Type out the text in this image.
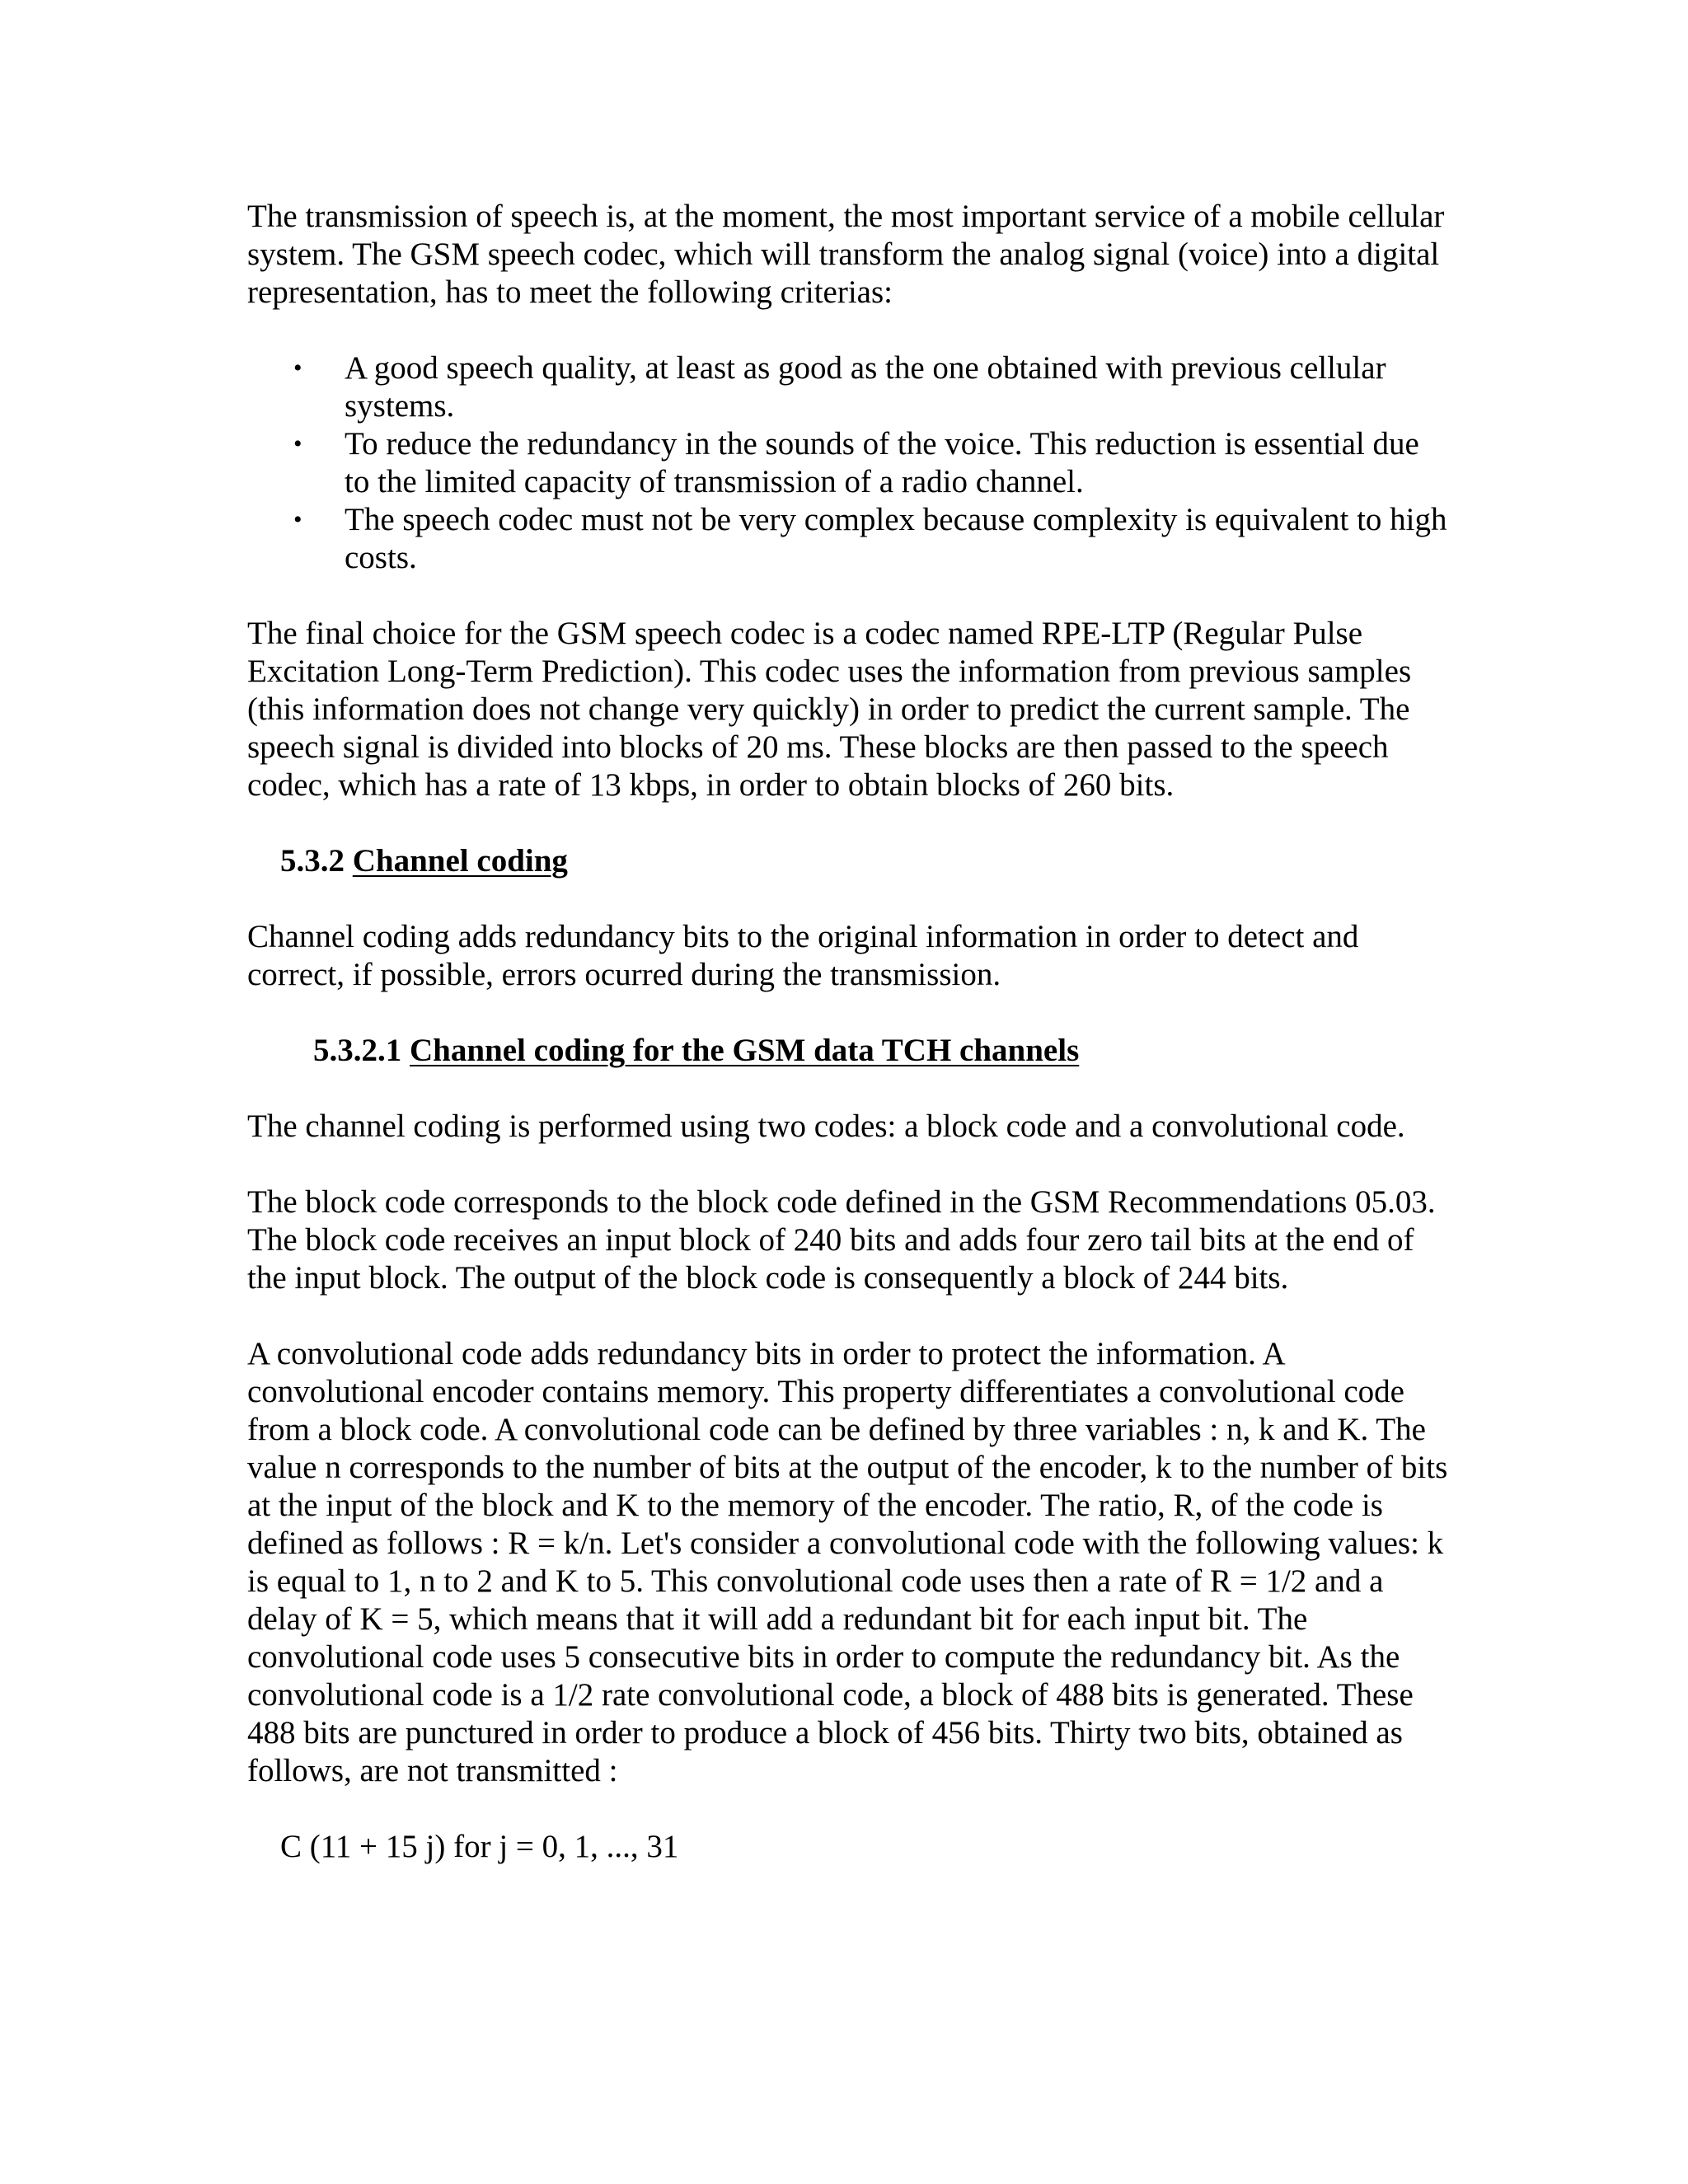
The transmission of speech is, at the moment, the most important service of a mobile cellular system. The GSM speech codec, which will transform the analog signal (voice) into a digital representation, has to meet the following criterias:

• A good speech quality, at least as good as the one obtained with previous cellular systems.
• To reduce the redundancy in the sounds of the voice. This reduction is essential due to the limited capacity of transmission of a radio channel.
• The speech codec must not be very complex because complexity is equivalent to high costs.

The final choice for the GSM speech codec is a codec named RPE-LTP (Regular Pulse Excitation Long-Term Prediction). This codec uses the information from previous samples (this information does not change very quickly) in order to predict the current sample. The speech signal is divided into blocks of 20 ms. These blocks are then passed to the speech codec, which has a rate of 13 kbps, in order to obtain blocks of 260 bits.

5.3.2 Channel coding

Channel coding adds redundancy bits to the original information in order to detect and correct, if possible, errors ocurred during the transmission.

5.3.2.1 Channel coding for the GSM data TCH channels

The channel coding is performed using two codes: a block code and a convolutional code.

The block code corresponds to the block code defined in the GSM Recommendations 05.03. The block code receives an input block of 240 bits and adds four zero tail bits at the end of the input block. The output of the block code is consequently a block of 244 bits.

A convolutional code adds redundancy bits in order to protect the information. A convolutional encoder contains memory. This property differentiates a convolutional code from a block code. A convolutional code can be defined by three variables : n, k and K. The value n corresponds to the number of bits at the output of the encoder, k to the number of bits at the input of the block and K to the memory of the encoder. The ratio, R, of the code is defined as follows : R = k/n. Let's consider a convolutional code with the following values: k is equal to 1, n to 2 and K to 5. This convolutional code uses then a rate of R = 1/2 and a delay of K = 5, which means that it will add a redundant bit for each input bit. The convolutional code uses 5 consecutive bits in order to compute the redundancy bit. As the convolutional code is a 1/2 rate convolutional code, a block of 488 bits is generated. These 488 bits are punctured in order to produce a block of 456 bits. Thirty two bits, obtained as follows, are not transmitted :

C (11 + 15 j) for j = 0, 1, ..., 31
